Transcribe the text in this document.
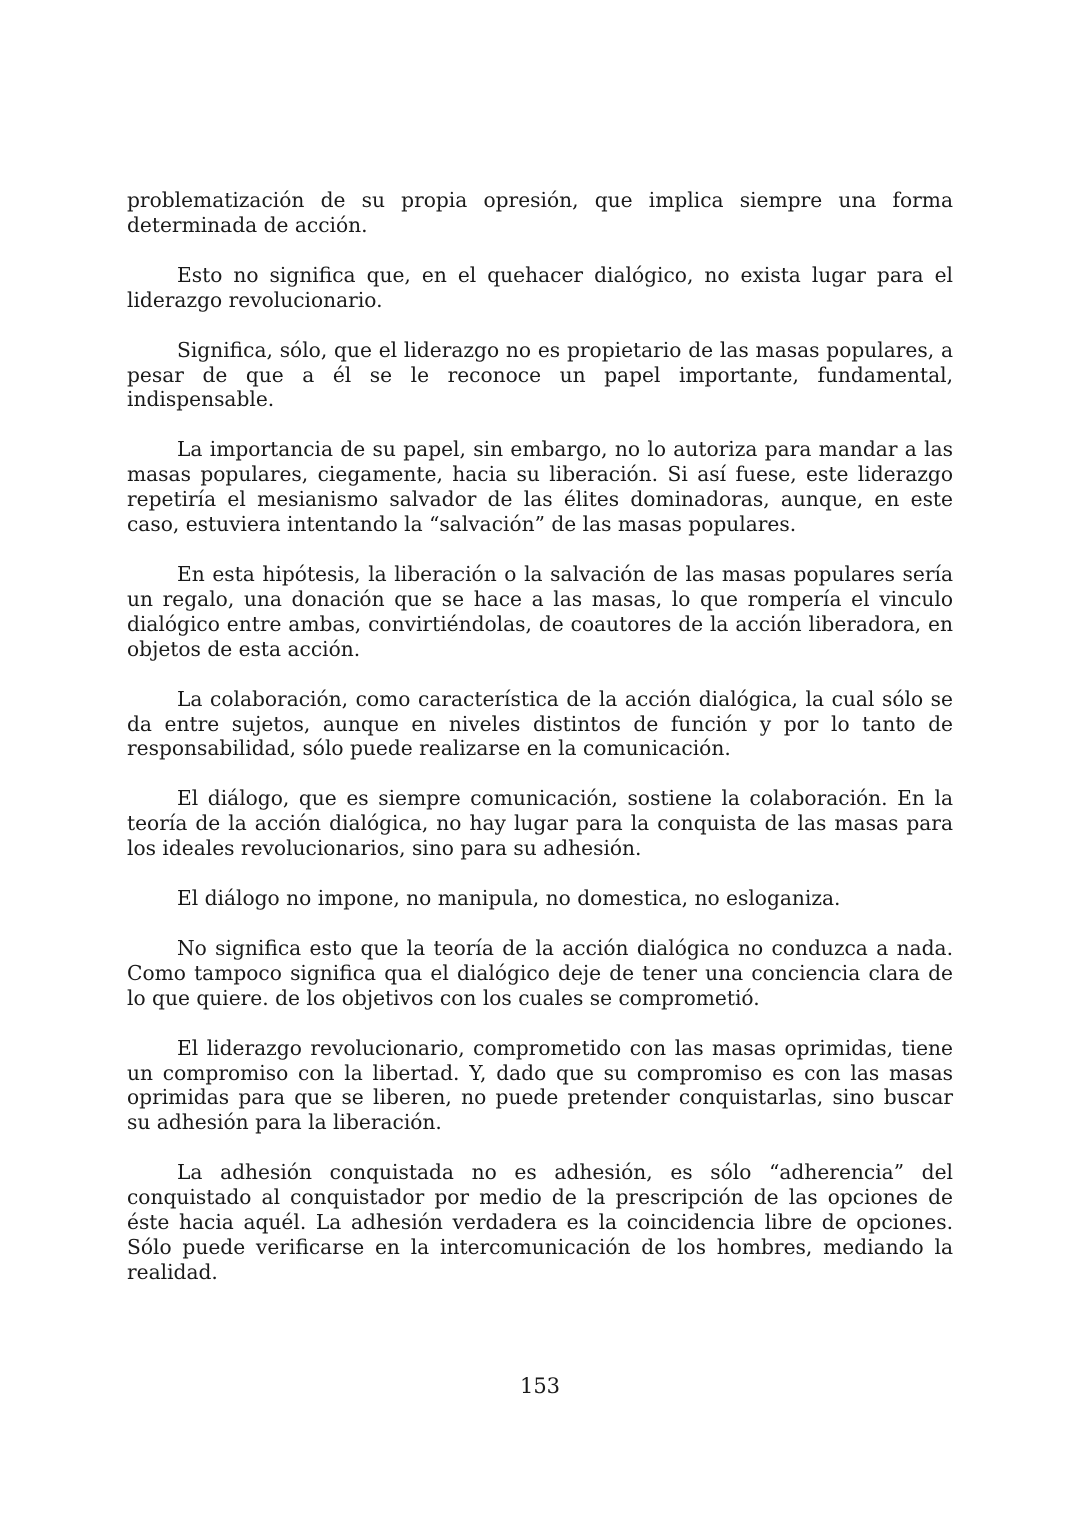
problematización de su propia opresión, que implica siempre una forma determinada de acción.

Esto no significa que, en el quehacer dialógico, no exista lugar para el liderazgo revolucionario.

Significa, sólo, que el liderazgo no es propietario de las masas populares, a pesar de que a él se le reconoce un papel importante, fundamental, indispensable.

La importancia de su papel, sin embargo, no lo autoriza para mandar a las masas populares, ciegamente, hacia su liberación. Si así fuese, este liderazgo repetiría el mesianismo salvador de las élites dominadoras, aunque, en este caso, estuviera intentando la “salvación” de las masas populares.

En esta hipótesis, la liberación o la salvación de las masas populares sería un regalo, una donación que se hace a las masas, lo que rompería el vinculo dialógico entre ambas, convirtiéndolas, de coautores de la acción liberadora, en objetos de esta acción.

La colaboración, como característica de la acción dialógica, la cual sólo se da entre sujetos, aunque en niveles distintos de función y por lo tanto de responsabilidad, sólo puede realizarse en la comunicación.

El diálogo, que es siempre comunicación, sostiene la colaboración. En la teoría de la acción dialógica, no hay lugar para la conquista de las masas para los ideales revolucionarios, sino para su adhesión.

El diálogo no impone, no manipula, no domestica, no esloganiza.

No significa esto que la teoría de la acción dialógica no conduzca a nada. Como tampoco significa qua el dialógico deje de tener una conciencia clara de lo que quiere. de los objetivos con los cuales se comprometió.

El liderazgo revolucionario, comprometido con las masas oprimidas, tiene un compromiso con la libertad. Y, dado que su compromiso es con las masas oprimidas para que se liberen, no puede pretender conquistarlas, sino buscar su adhesión para la liberación.

La adhesión conquistada no es adhesión, es sólo “adherencia” del conquistado al conquistador por medio de la prescripción de las opciones de éste hacia aquél. La adhesión verdadera es la coincidencia libre de opciones. Sólo puede verificarse en la intercomunicación de los hombres, mediando la realidad.

153
